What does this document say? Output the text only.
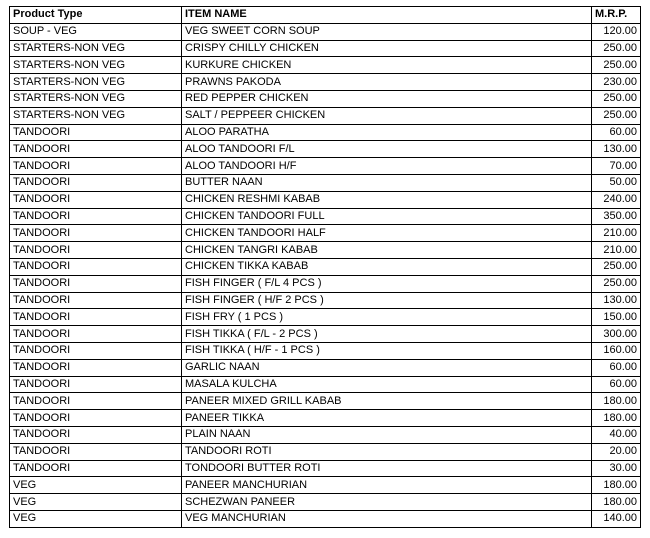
Product Type	ITEM NAME	M.R.P.
SOUP - VEG	VEG SWEET CORN SOUP	120.00
STARTERS-NON VEG	CRISPY CHILLY CHICKEN	250.00
STARTERS-NON VEG	KURKURE CHICKEN	250.00
STARTERS-NON VEG	PRAWNS PAKODA	230.00
STARTERS-NON VEG	RED PEPPER CHICKEN	250.00
STARTERS-NON VEG	SALT / PEPPEER CHICKEN	250.00
TANDOORI	ALOO PARATHA	60.00
TANDOORI	ALOO TANDOORI F/L	130.00
TANDOORI	ALOO TANDOORI H/F	70.00
TANDOORI	BUTTER NAAN	50.00
TANDOORI	CHICKEN RESHMI KABAB	240.00
TANDOORI	CHICKEN TANDOORI FULL	350.00
TANDOORI	CHICKEN TANDOORI HALF	210.00
TANDOORI	CHICKEN TANGRI KABAB	210.00
TANDOORI	CHICKEN TIKKA KABAB	250.00
TANDOORI	FISH FINGER ( F/L 4 PCS )	250.00
TANDOORI	FISH FINGER ( H/F 2 PCS )	130.00
TANDOORI	FISH FRY ( 1 PCS )	150.00
TANDOORI	FISH TIKKA ( F/L - 2 PCS )	300.00
TANDOORI	FISH TIKKA ( H/F - 1 PCS )	160.00
TANDOORI	GARLIC NAAN	60.00
TANDOORI	MASALA KULCHA	60.00
TANDOORI	PANEER MIXED GRILL KABAB	180.00
TANDOORI	PANEER TIKKA	180.00
TANDOORI	PLAIN NAAN	40.00
TANDOORI	TANDOORI ROTI	20.00
TANDOORI	TONDOORI BUTTER ROTI	30.00
VEG	PANEER MANCHURIAN	180.00
VEG	SCHEZWAN PANEER	180.00
VEG	VEG MANCHURIAN	140.00
